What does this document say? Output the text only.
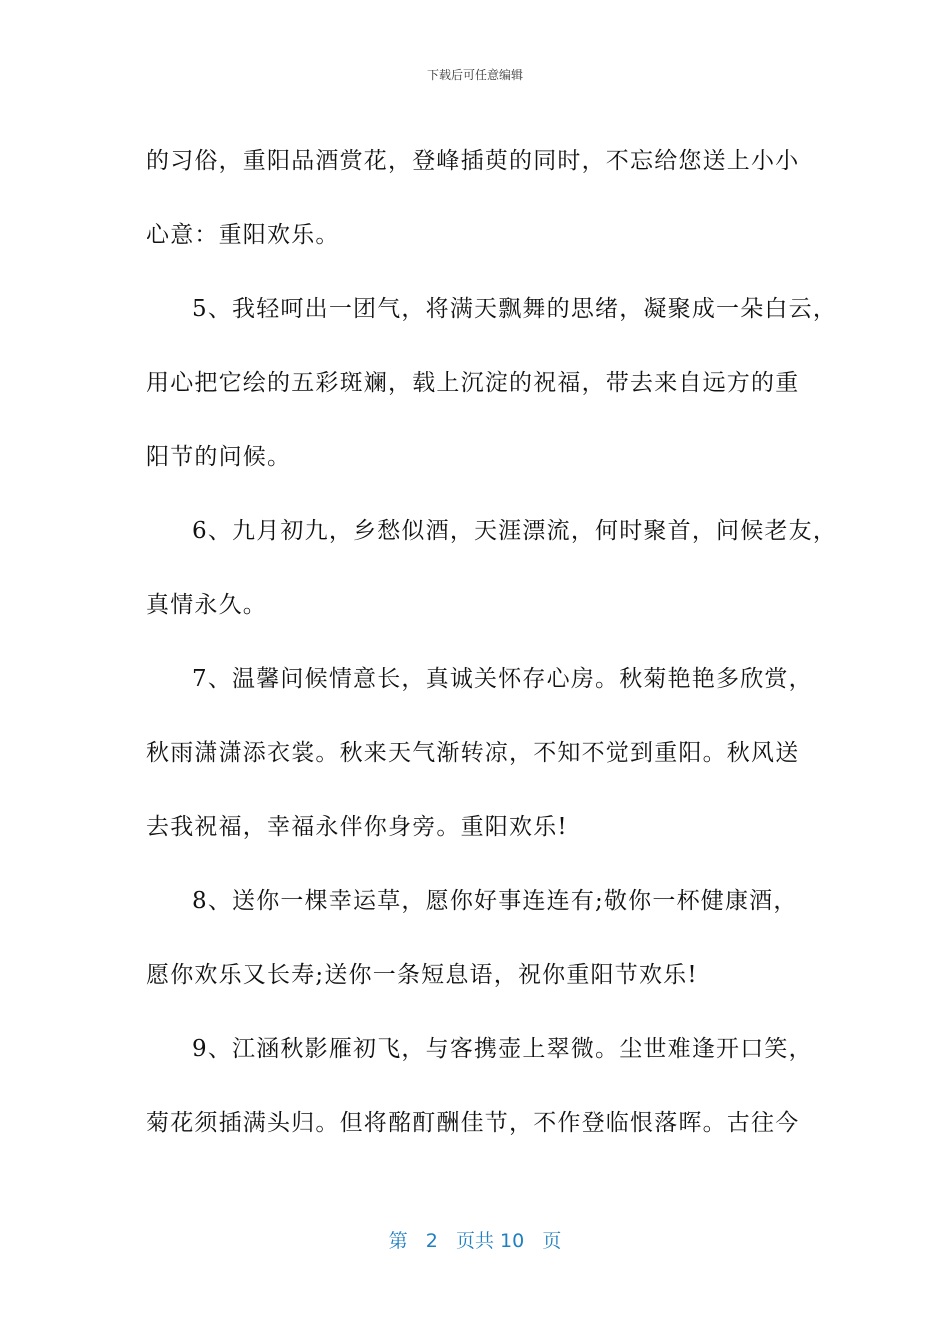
下载后可任意编辑

的习俗，重阳品酒赏花，登峰插萸的同时，不忘给您送上小小

心意：重阳欢乐。

5、我轻呵出一团气，将满天飘舞的思绪，凝聚成一朵白云，

用心把它绘的五彩斑斓，载上沉淀的祝福，带去来自远方的重

阳节的问候。

6、九月初九，乡愁似酒，天涯漂流，何时聚首，问候老友，

真情永久。

7、温馨问候情意长，真诚关怀存心房。秋菊艳艳多欣赏，

秋雨潇潇添衣裳。秋来天气渐转凉，不知不觉到重阳。秋风送

去我祝福，幸福永伴你身旁。重阳欢乐!

8、送你一棵幸运草，愿你好事连连有;敬你一杯健康酒，

愿你欢乐又长寿;送你一条短息语，祝你重阳节欢乐!

9、江涵秋影雁初飞，与客携壶上翠微。尘世难逢开口笑，

菊花须插满头归。但将酩酊酬佳节，不作登临恨落晖。古往今

第 2 页共 10 页
